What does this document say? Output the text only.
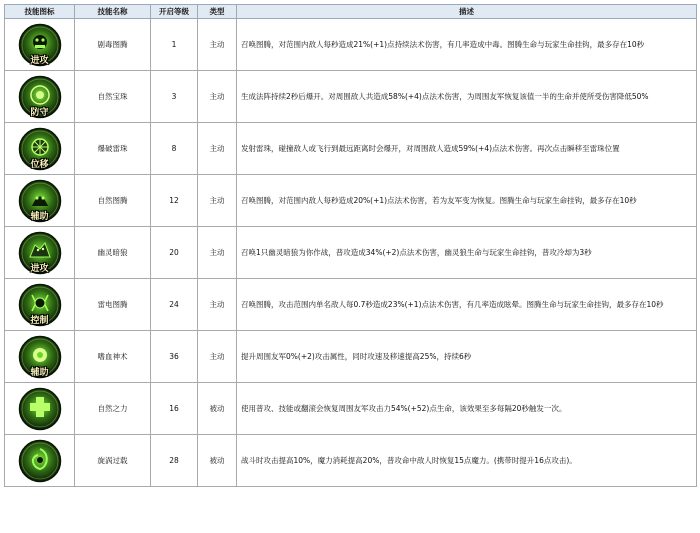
技能图标	技能名称	开启等级	类型	描述

进攻	剧毒图腾	1	主动	召唤图腾，对范围内敌人每秒造成21%(+1)点持续法术伤害，有几率造成中毒。图腾生命与玩家生命挂钩，最多存在10秒

防守	自然宝珠	3	主动	生成法阵持续2秒后爆开。对周围敌人共造成58%(+4)点法术伤害，为周围友军恢复该值一半的生命并使所受伤害降低50%

位移	爆破雷珠	8	主动	发射雷珠，碰撞敌人或飞行到最远距离时会爆开，对周围敌人造成59%(+4)点法术伤害。再次点击瞬移至雷珠位置

辅助	自然图腾	12	主动	召唤图腾，对范围内敌人每秒造成20%(+1)点法术伤害，若为友军变为恢复。图腾生命与玩家生命挂钩，最多存在10秒

进攻	幽灵暗狼	20	主动	召唤1只幽灵暗狼为你作战，普攻造成34%(+2)点法术伤害，幽灵狼生命与玩家生命挂钩，普攻冷却为3秒

控制	雷电图腾	24	主动	召唤图腾，攻击范围内单名敌人每0.7秒造成23%(+1)点法术伤害，有几率造成眩晕。图腾生命与玩家生命挂钩，最多存在10秒

辅助	嗜血神术	36	主动	提升周围友军0%(+2)攻击属性，同时攻速及移速提高25%，持续6秒

	自然之力	16	被动	使用普攻、技能或翻滚会恢复周围友军攻击力54%(+52)点生命，该效果至多每隔20秒触发一次。

	旋涡过载	28	被动	战斗时攻击提高10%，魔力消耗提高20%，普攻命中敌人时恢复15点魔力。(携带时提升16点攻击)。
